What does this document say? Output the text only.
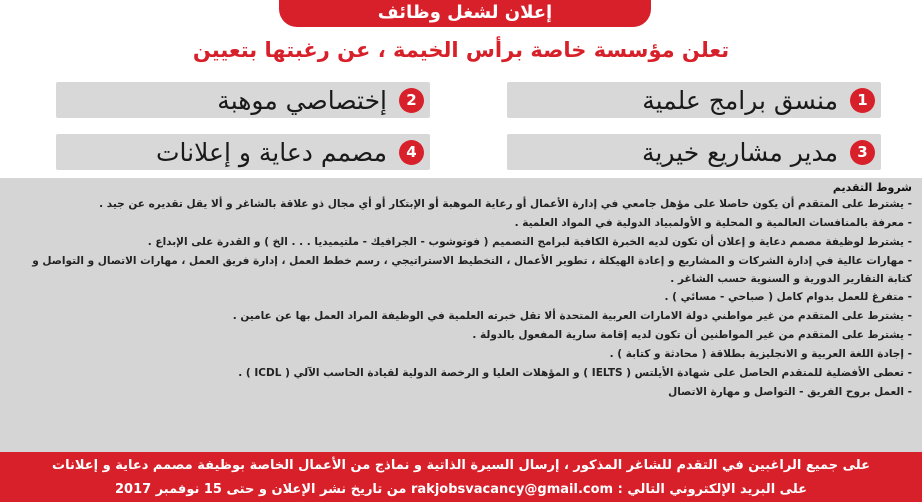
إعلان لشغل وظائف
تعلن مؤسسة خاصة برأس الخيمة ، عن رغبتها بتعيين
1
منسق برامج علمية
2
إختصاصي موهبة
3
مدير مشاريع خيرية
4
مصمم دعاية و إعلانات
شروط التقديم
- يشترط على المتقدم أن يكون حاصلا على مؤهل جامعي في إدارة الأعمال أو رعاية الموهبة أو الإبتكار أو أي مجال ذو علاقة بالشاغر و ألا يقل تقديره عن جيد .
- معرفة بالمنافسات العالمية و المحلية و الأولمبياد الدولية في المواد العلمية .
- يشترط لوظيفة مصمم دعاية و إعلان أن تكون لديه الخبرة الكافية لبرامج التصميم ( فوتوشوب - الجرافيك - ملتيميديا . . . الخ ) و القدرة على الإبداع .
- مهارات عالية في إدارة الشركات و المشاريع و إعادة الهيكلة ، تطوير الأعمال ، التخطيط الاستراتيجي ، رسم خطط العمل ، إدارة فريق العمل ، مهارات الاتصال و التواصل و كتابة التقارير الدورية و السنوية حسب الشاغر .
- متفرغ للعمل بدوام كامل ( صباحي - مسائي ) .
- يشترط على المتقدم من غير مواطني دولة الامارات العربية المتحدة ألا تقل خبرته العلمية في الوظيفة المراد العمل بها عن عامين .
- يشترط على المتقدم من غير المواطنين أن تكون لديه إقامة سارية المفعول بالدولة .
- إجادة اللغة العربية و الانجليزية بطلاقة ( محادثة و كتابة ) .
- تعطى الأفضلية للمتقدم الحاصل على شهادة الأيلتس ( IELTS ) و المؤهلات العليا و الرخصة الدولية لقيادة الحاسب الآلي ( ICDL ) .
- العمل بروح الفريق - التواصل و مهارة الاتصال
على جميع الراغبين في التقدم للشاغر المذكور ، إرسال السيرة الذاتية و نماذج من الأعمال الخاصة بوظيفة مصمم دعاية و إعلانات
على البريد الإلكتروني التالي : rakjobsvacancy@gmail.com من تاريخ نشر الإعلان و حتى 15 نوفمبر 2017
